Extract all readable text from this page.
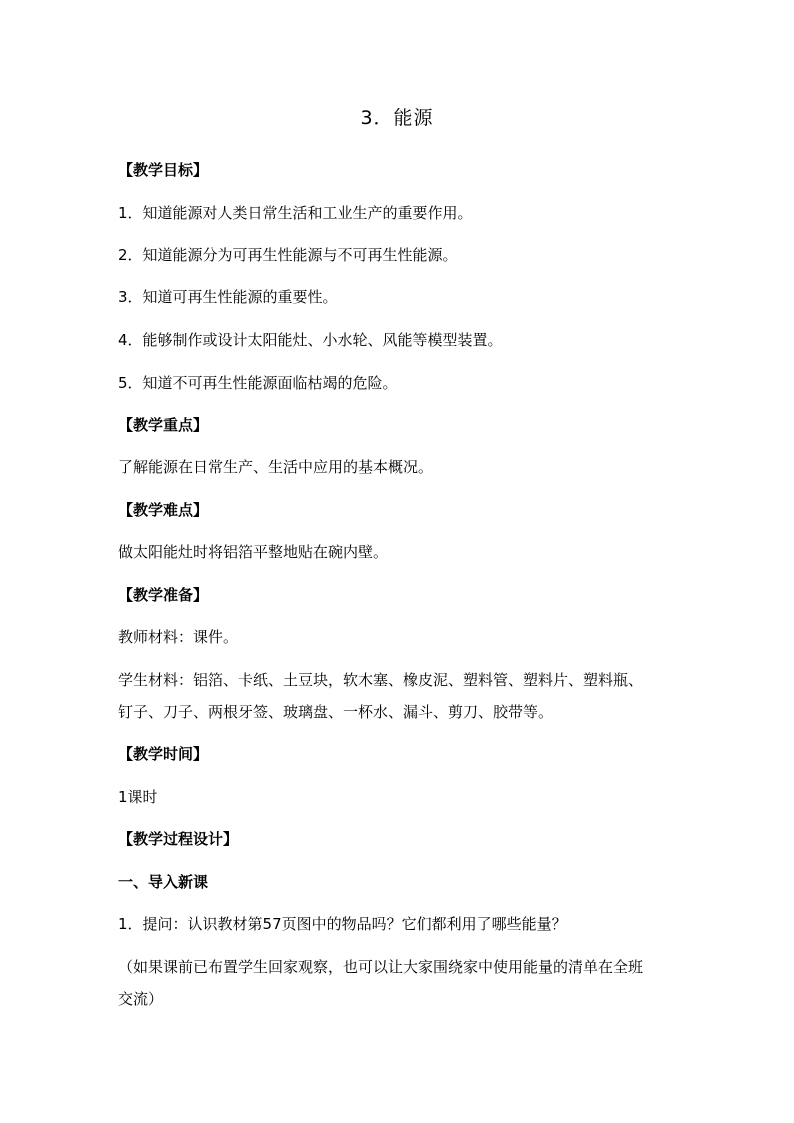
3．能源
【教学目标】
1．知道能源对人类日常生活和工业生产的重要作用。
2．知道能源分为可再生性能源与不可再生性能源。
3．知道可再生性能源的重要性。
4．能够制作或设计太阳能灶、小水轮、风能等模型装置。
5．知道不可再生性能源面临枯竭的危险。
【教学重点】
了解能源在日常生产、生活中应用的基本概况。
【教学难点】
做太阳能灶时将铝箔平整地贴在碗内壁。
【教学准备】
教师材料：课件。
学生材料：铝箔、卡纸、土豆块，软木塞、橡皮泥、塑料管、塑料片、塑料瓶、
钉子、刀子、两根牙签、玻璃盘、一杯水、漏斗、剪刀、胶带等。
【教学时间】
1课时
【教学过程设计】
一、导入新课
1．提问：认识教材第57页图中的物品吗？它们都利用了哪些能量？
（如果课前已布置学生回家观察，也可以让大家围绕家中使用能量的清单在全班
交流）
